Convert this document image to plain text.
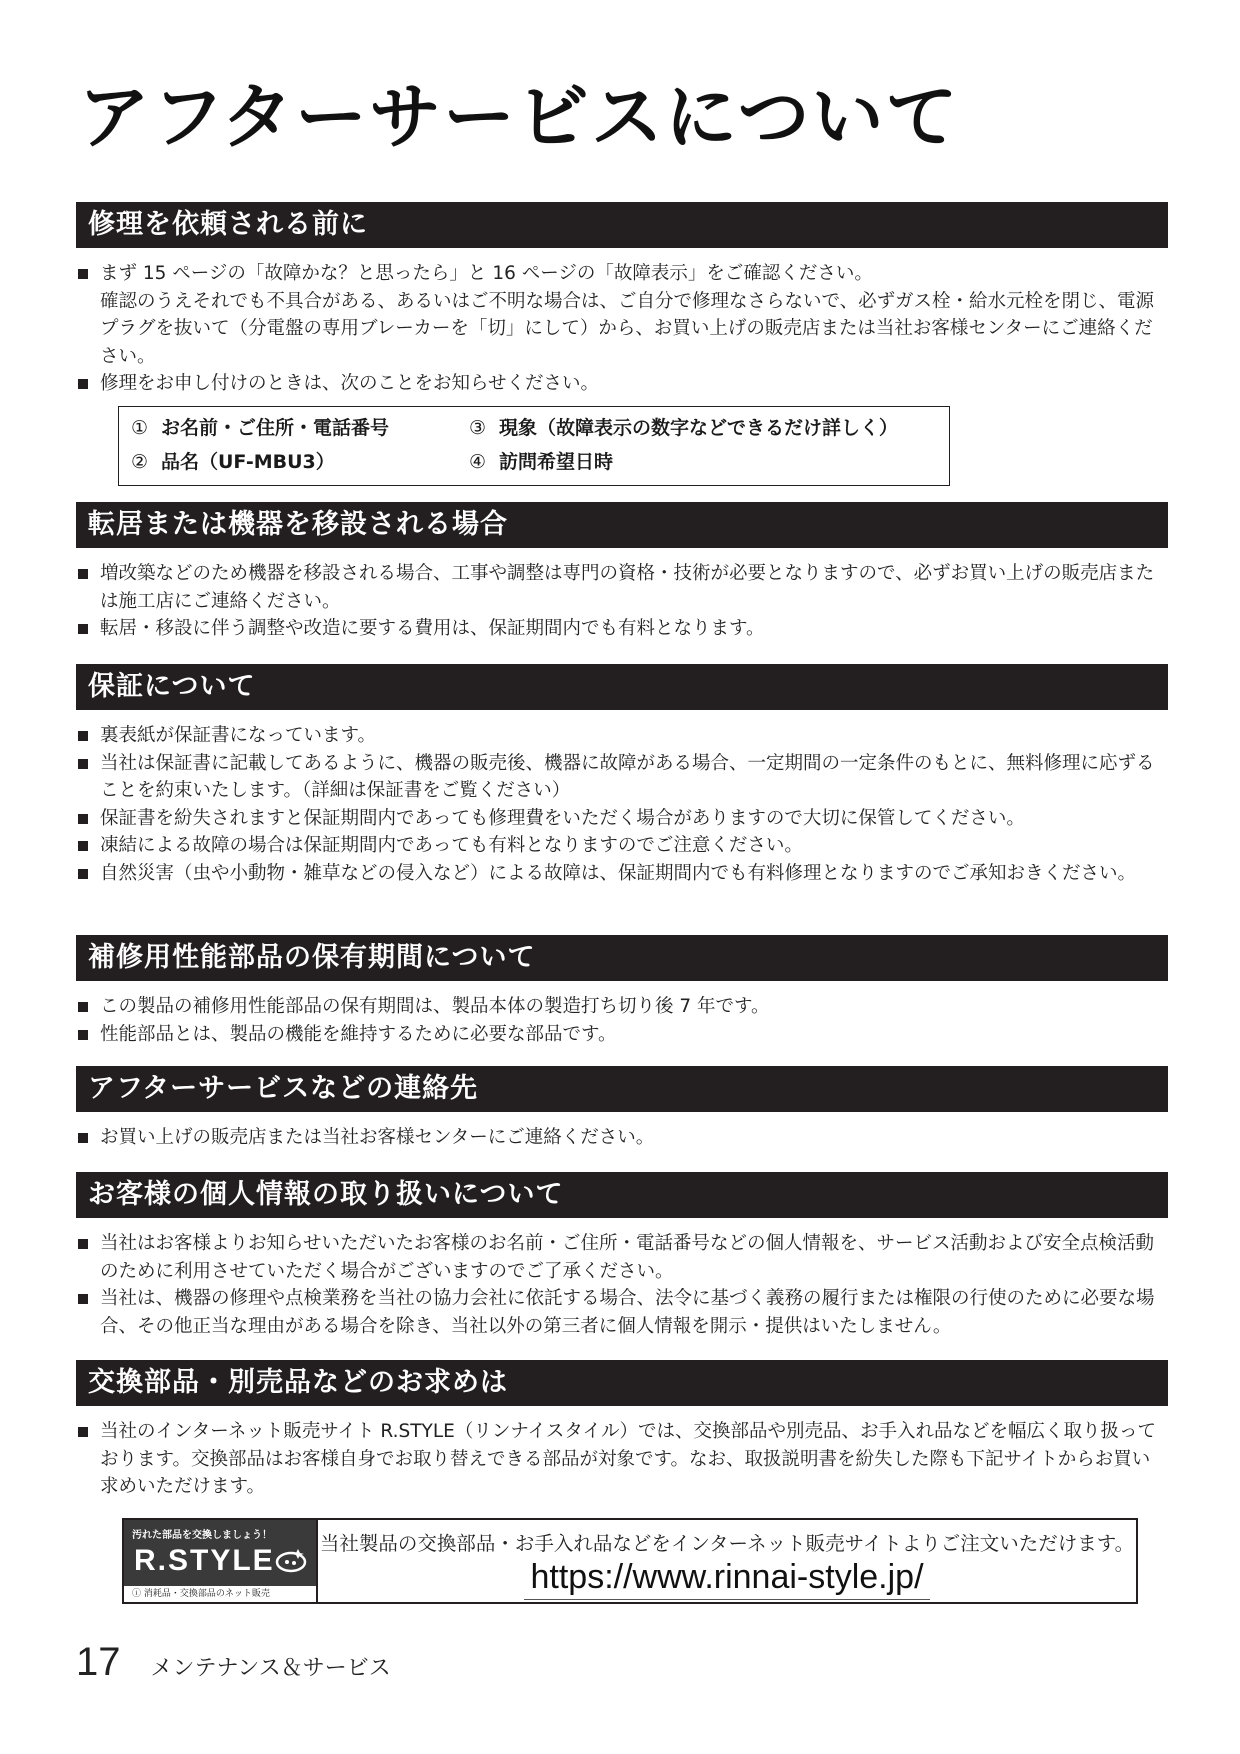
アフターサービスについて
修理を依頼される前に
まず 15 ページの「故障かな？と思ったら」と 16 ページの「故障表示」をご確認ください。
確認のうえそれでも不具合がある、あるいはご不明な場合は、ご自分で修理なさらないで、必ずガス栓・給水元栓を閉じ、電源プラグを抜いて（分電盤の専用ブレーカーを「切」にして）から、お買い上げの販売店または当社お客様センターにご連絡ください。
修理をお申し付けのときは、次のことをお知らせください。
① お名前・ご住所・電話番号	③ 現象（故障表示の数字などできるだけ詳しく）
② 品名（UF-MBU3）	④ 訪問希望日時
転居または機器を移設される場合
増改築などのため機器を移設される場合、工事や調整は専門の資格・技術が必要となりますので、必ずお買い上げの販売店または施工店にご連絡ください。
転居・移設に伴う調整や改造に要する費用は、保証期間内でも有料となります。
保証について
裏表紙が保証書になっています。
当社は保証書に記載してあるように、機器の販売後、機器に故障がある場合、一定期間の一定条件のもとに、無料修理に応ずることを約束いたします。（詳細は保証書をご覧ください）
保証書を紛失されますと保証期間内であっても修理費をいただく場合がありますので大切に保管してください。
凍結による故障の場合は保証期間内であっても有料となりますのでご注意ください。
自然災害（虫や小動物・雑草などの侵入など）による故障は、保証期間内でも有料修理となりますのでご承知おきください。
補修用性能部品の保有期間について
この製品の補修用性能部品の保有期間は、製品本体の製造打ち切り後 7 年です。
性能部品とは、製品の機能を維持するために必要な部品です。
アフターサービスなどの連絡先
お買い上げの販売店または当社お客様センターにご連絡ください。
お客様の個人情報の取り扱いについて
当社はお客様よりお知らせいただいたお客様のお名前・ご住所・電話番号などの個人情報を、サービス活動および安全点検活動のために利用させていただく場合がございますのでご了承ください。
当社は、機器の修理や点検業務を当社の協力会社に依託する場合、法令に基づく義務の履行または権限の行使のために必要な場合、その他正当な理由がある場合を除き、当社以外の第三者に個人情報を開示・提供はいたしません。
交換部品・別売品などのお求めは
当社のインターネット販売サイト R.STYLE（リンナイスタイル）では、交換部品や別売品、お手入れ品などを幅広く取り扱っております。交換部品はお客様自身でお取り替えできる部品が対象です。なお、取扱説明書を紛失した際も下記サイトからお買い求めいただけます。
汚れた部品を交換しましょう！
R.STYLE
ⓘ 消耗品・交換部品のネット販売
当社製品の交換部品・お手入れ品などをインターネット販売サイトよりご注文いただけます。
https://www.rinnai-style.jp/
17 メンテナンス＆サービス
